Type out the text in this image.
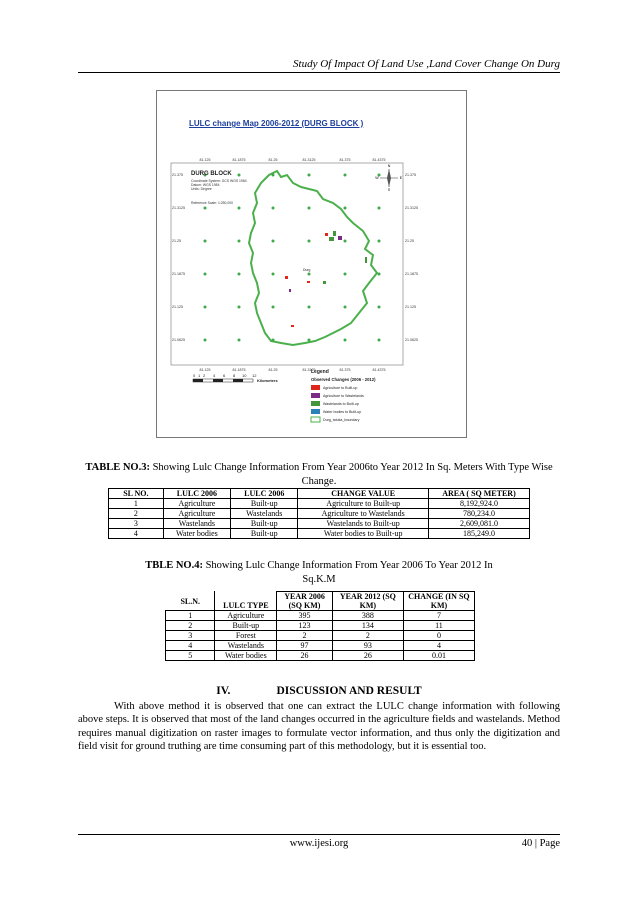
Study Of Impact Of Land Use ,Land Cover Change On Durg
81.125	81.1875	81.25	81.3125	81.375	81.4375
81.125	81.1875	81.25	81.3125	81.375	81.4375
21.375
21.3125
21.25
21.1875
21.125
21.0625
21.375
21.3125
21.25
21.1875
21.125
21.0625
DURG BLOCK
Coordinate System: GCS WGS 1984
Datum: WGS 1984
Units: Degree
Reference Scale: 1:250,000
N
W	E
S
Durg
0 1 2 4 6 8 10 12
Kilometers
Legend
Observed Changes (2006 - 2012)
Agriculture to Built-up
Agriculture to Wastelands
Wastelands to Built-up
Water bodies to Built-up
Durg_taluka_boundary
LULC change Map 2006-2012 (DURG BLOCK )
TABLE NO.3: Showing Lulc Change Information From Year 2006to Year 2012 In Sq. Meters With Type Wise Change.
SL NO.	LULC 2006	LULC 2006	CHANGE VALUE	AREA ( SQ METER)
1	Agriculture	Built-up	Agriculture to Built-up	8,192,924.0
2	Agriculture	Wastelands	Agriculture to Wastelands	780,234.0
3	Wastelands	Built-up	Wastelands to Built-up	2,609,081.0
4	Water bodies	Built-up	Water bodies to Built-up	185,249.0
TBLE NO.4: Showing Lulc Change Information From Year 2006 To Year 2012 In Sq.K.M
SL.N.	LULC TYPE	YEAR 2006 (SQ KM)	YEAR 2012 (SQ KM)	CHANGE (IN SQ KM)
1	Agriculture	395	388	7
2	Built-up	123	134	11
3	Forest	2	2	0
4	Wastelands	97	93	4
5	Water bodies	26	26	0.01
IV.	DISCUSSION AND RESULT

With above method it is observed that one can extract the LULC change information with following above steps. It is observed that most of the land changes occurred in the agriculture fields and wastelands. Method requires manual digitization on raster images to formulate vector information, and thus only the digitization and field visit for ground truthing are time consuming part of this methodology, but it is essential too.

www.ijesi.org	40 | Page
